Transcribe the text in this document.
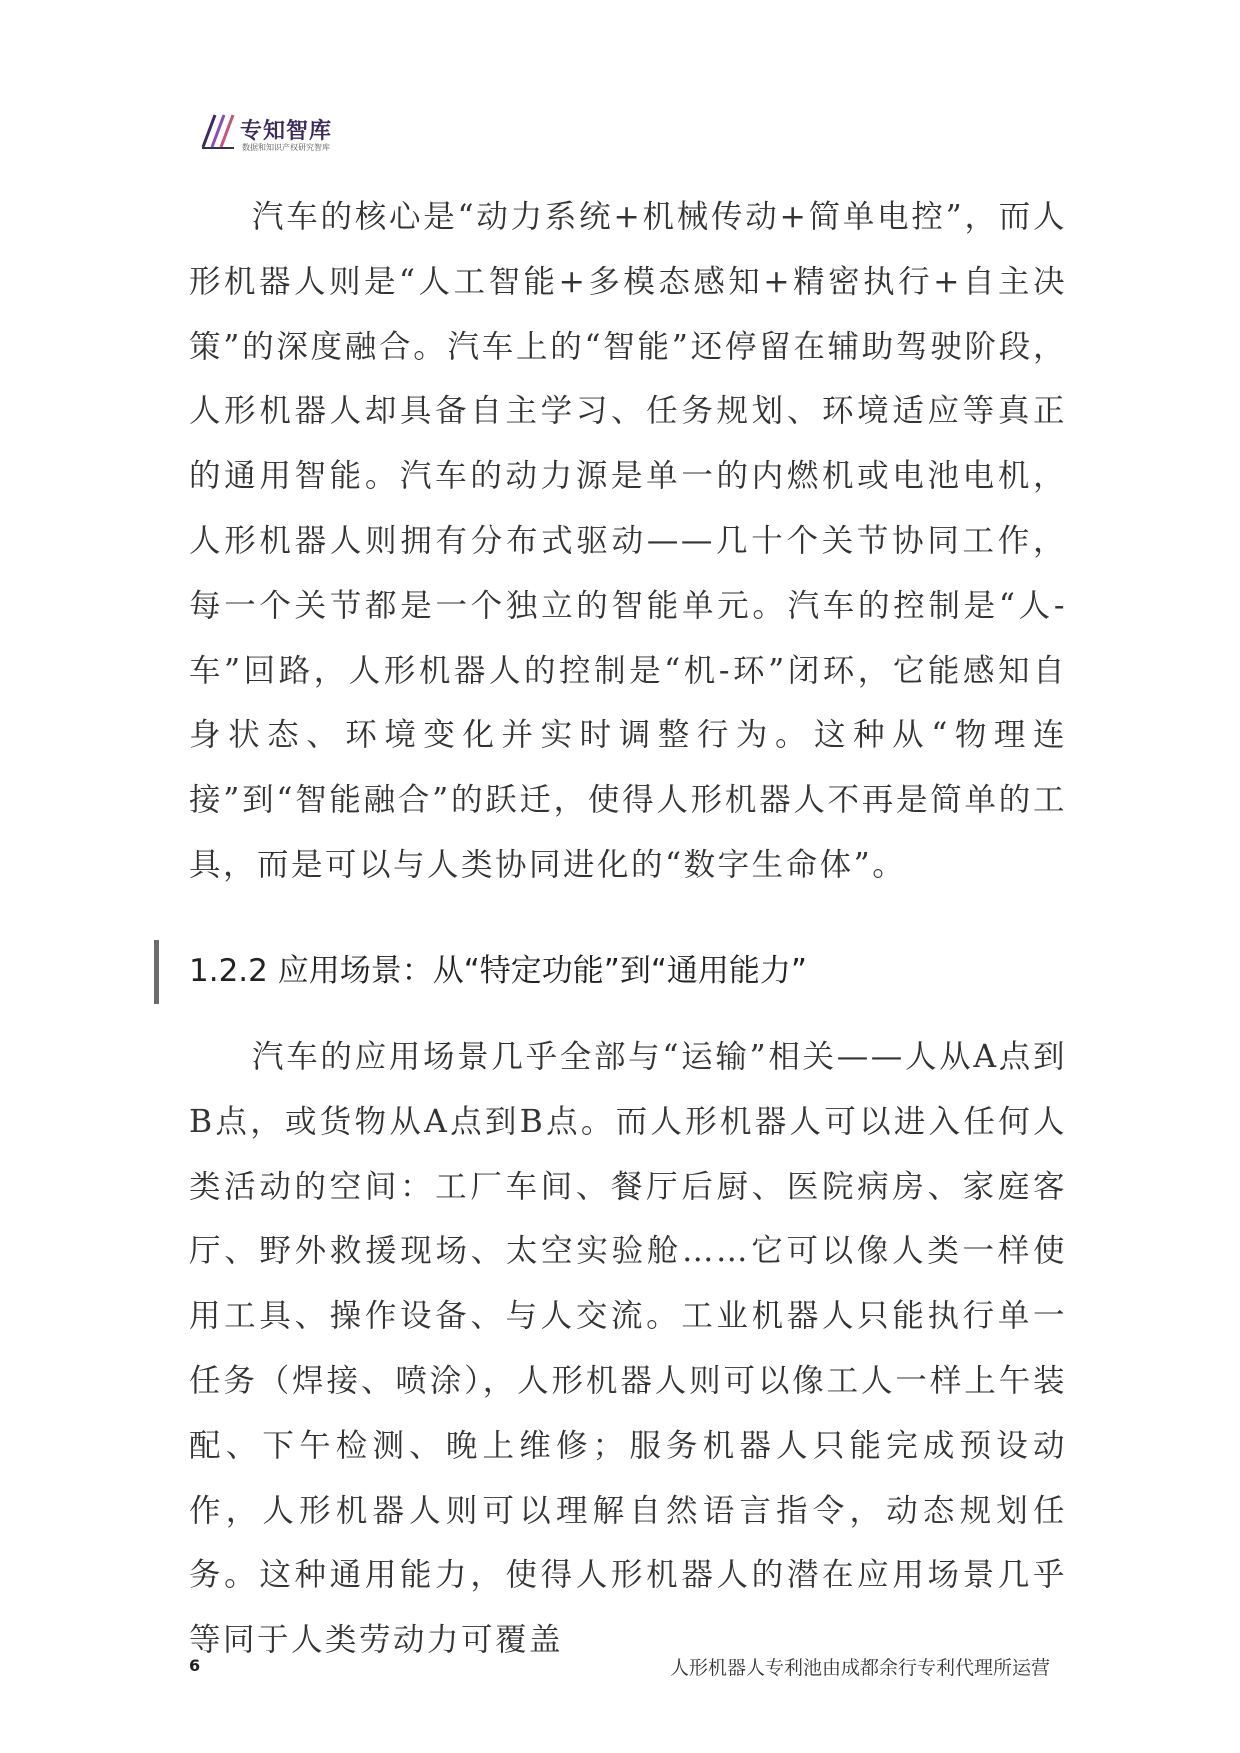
专知智库
数据和知识产权研究智库

汽车的核心是“动力系统+机械传动+简单电控”，而人形机器人则是“人工智能+多模态感知+精密执行+自主决策”的深度融合。汽车上的“智能”还停留在辅助驾驶阶段，人形机器人却具备自主学习、任务规划、环境适应等真正的通用智能。汽车的动力源是单一的内燃机或电池电机，人形机器人则拥有分布式驱动——几十个关节协同工作，每一个关节都是一个独立的智能单元。汽车的控制是“人-车”回路，人形机器人的控制是“机-环”闭环，它能感知自身状态、环境变化并实时调整行为。这种从“物理连接”到“智能融合”的跃迁，使得人形机器人不再是简单的工具，而是可以与人类协同进化的“数字生命体”。

1.2.2 应用场景：从“特定功能”到“通用能力”

汽车的应用场景几乎全部与“运输”相关——人从A点到B点，或货物从A点到B点。而人形机器人可以进入任何人类活动的空间：工厂车间、餐厅后厨、医院病房、家庭客厅、野外救援现场、太空实验舱……它可以像人类一样使用工具、操作设备、与人交流。工业机器人只能执行单一任务（焊接、喷涂），人形机器人则可以像工人一样上午装配、下午检测、晚上维修；服务机器人只能完成预设动作，人形机器人则可以理解自然语言指令，动态规划任务。这种通用能力，使得人形机器人的潜在应用场景几乎等同于人类劳动力可覆盖

6	人形机器人专利池由成都余行专利代理所运营
